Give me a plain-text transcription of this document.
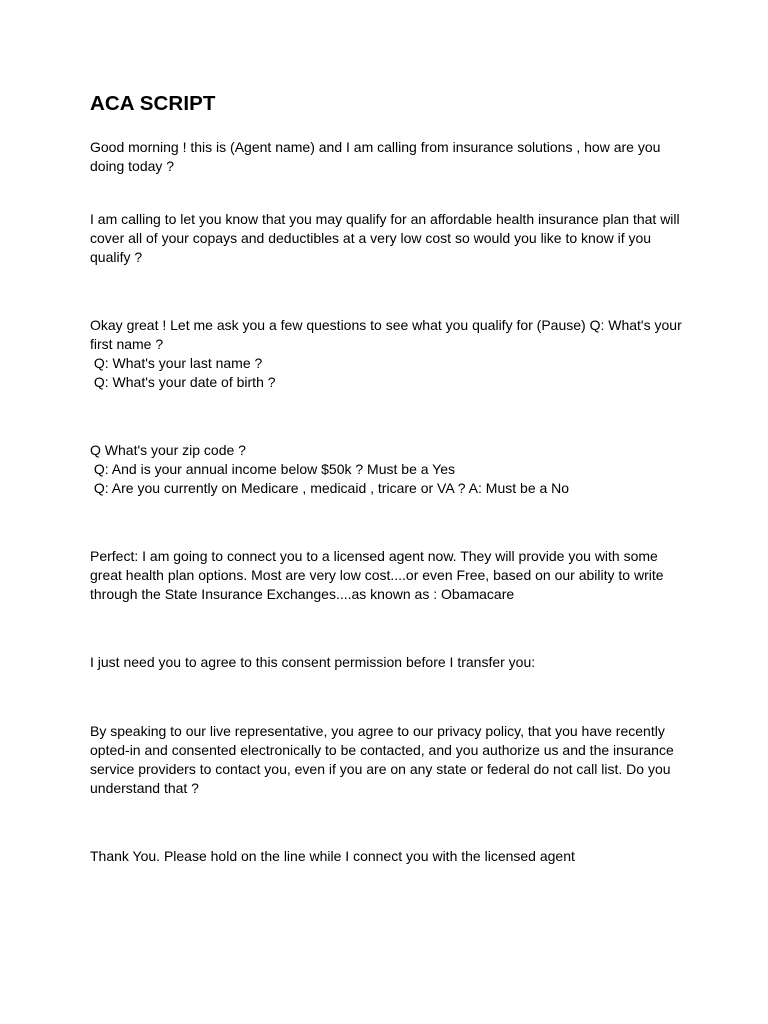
ACA SCRIPT

Good morning ! this is (Agent name) and I am calling from insurance solutions , how are you
doing today ?

I am calling to let you know that you may qualify for an affordable health insurance plan that will
cover all of your copays and deductibles at a very low cost so would you like to know if you
qualify ?

Okay great ! Let me ask you a few questions to see what you qualify for (Pause) Q: What's your
first name ?
Q: What's your last name ?
Q: What's your date of birth ?

Q What's your zip code ?
Q: And is your annual income below $50k ? Must be a Yes
Q: Are you currently on Medicare , medicaid , tricare or VA ? A: Must be a No

Perfect: I am going to connect you to a licensed agent now. They will provide you with some
great health plan options. Most are very low cost....or even Free, based on our ability to write
through the State Insurance Exchanges....as known as : Obamacare

I just need you to agree to this consent permission before I transfer you:

By speaking to our live representative, you agree to our privacy policy, that you have recently
opted-in and consented electronically to be contacted, and you authorize us and the insurance
service providers to contact you, even if you are on any state or federal do not call list. Do you
understand that ?

Thank You. Please hold on the line while I connect you with the licensed agent
